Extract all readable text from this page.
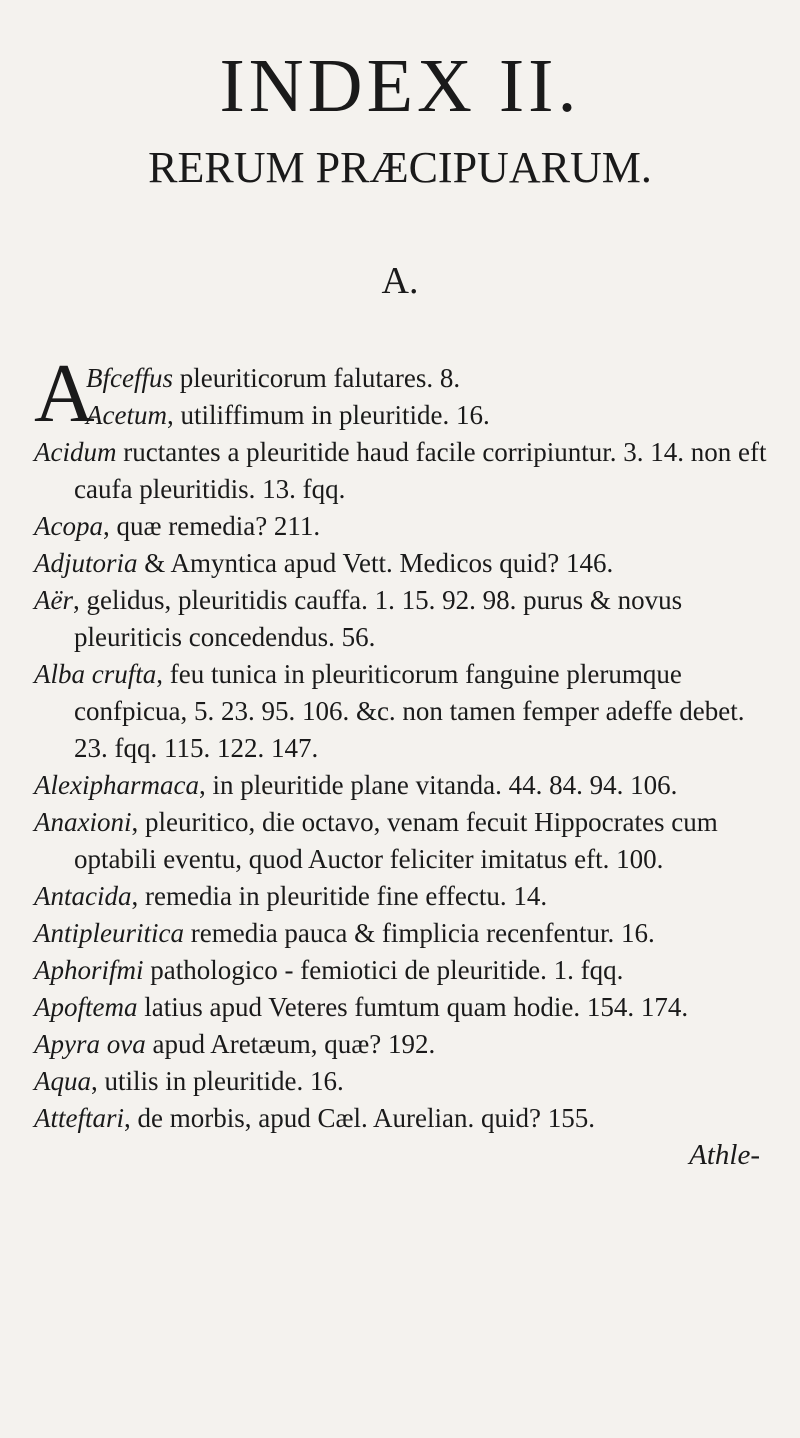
INDEX II.
RERUM PRÆCIPUARUM.
A.
A
Bfceffus pleuriticorum falutares. 8.
Acetum, utiliffimum in pleuritide. 16.
Acidum ructantes a pleuritide haud facile corripiuntur. 3. 14. non eft caufa pleuritidis. 13. fqq.
Acopa, quæ remedia? 211.
Adjutoria & Amyntica apud Vett. Medicos quid? 146.
Aër, gelidus, pleuritidis cauffa. 1. 15. 92. 98. purus & novus pleuriticis concedendus. 56.
Alba crufta, feu tunica in pleuriticorum fanguine plerumque confpicua, 5. 23. 95. 106. &c. non tamen femper adeffe debet. 23. fqq. 115. 122. 147.
Alexipharmaca, in pleuritide plane vitanda. 44. 84. 94. 106.
Anaxioni, pleuritico, die octavo, venam fecuit Hippocrates cum optabili eventu, quod Auctor feliciter imitatus eft. 100.
Antacida, remedia in pleuritide fine effectu. 14.
Antipleuritica remedia pauca & fimplicia recenfentur. 16.
Aphorifmi pathologico - femiotici de pleuritide. 1. fqq.
Apoftema latius apud Veteres fumtum quam hodie. 154. 174.
Apyra ova apud Aretæum, quæ? 192.
Aqua, utilis in pleuritide. 16.
Atteftari, de morbis, apud Cæl. Aurelian. quid? 155.
Athle-
